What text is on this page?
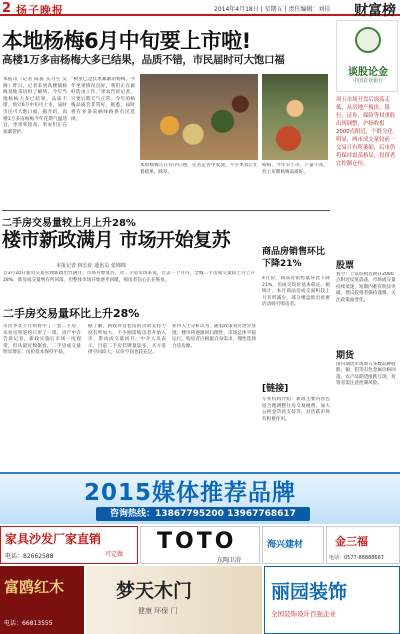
2 扬子晚报	2014年4月18日 | 星期五 | 责任编辑：刘佳 财富榜
本地杨梅6月中旬要上市啦!
高楼1万多亩杨梅大多已结果，品质不错，市民届时可大饱口福
本报讯（记者 陈嘉 实习生 吴晓）昨日，记者来到高楼镇杨梅基地采访时了解到，今年当地杨梅大多已结果，品质不错，预计6月中旬可上市，届时市民可大饱口福。据介绍，高楼1万多亩杨梅今年花期气温适宜，坐果率较高，果农们正在加紧管护。
“树里已是挂果累累的杨梅，今年坐果情况良好，我们正在做好防虫工作。”果农告诉记者，只要后期天气正常，今年的杨梅品质会非常好。据悉，届时将有多条采摘线路供市民选择。
本组杨梅正在有序打理，记者走访中发现，不少果农正忙着疏果、除草。
杨梅，今年早上市，产量不高，但上市期杨梅品质好。
二手房交易量较上月上升28%
楼市新政满月 市场开始复苏
本报记者 林长征 通讯员 张锦锦
自3月20日新房交易管理新政出台满月，市场开始复苏，对二手房市场来说，过去一个月内，全城二手房成交量较上月上升28%，新房成交量则有所回落，但整体市场开始逐步回暖，购房者信心正在恢复。
二手房交易量环比上升28%
市民李女士月初看中了一套二手房，从看房到签约只用了一周。房产中介告诉记者，新政实施后市场一度观望，但从最近数据看，二手房成交量明显增长，房价基本保持平稳。
据了解，新政对首套房的贷款支持力度有所加大，不少刚需购房者开始入市，带动成交量回升。中介人员表示，目前二手房挂牌量较多，买方选择空间较大，议价空间也较充足。
业内人士分析认为，随着政策效应逐步显现，楼市将逐渐回归理性，市场总体平稳运行。购房者应根据自身需求，理性选择合适房源。
商品房销售环比下降21%
4月份，商品房销售量环比下降21%，但成交均价基本稳定。据统计，本月商品房成交面积较上月有所减少，部分楼盘推出优惠活动吸引购房者。
[链接]
专业机构介绍：新政主要内容包括合理调整住房交易税费、加大公积金贷款支持等，对活跃市场有积极作用。
谈股论金
中国农业银行
周五市场开盘后震荡走低，从房地产板块、银行、证券、保险等权重股出现调整，沪指收报2000点附近，个股分化明显，两市成交量较前一交易日有所萎缩，后市仍将保持震荡格局，投资者宜控制仓位。
股票
看空：上证综指近期在2000点附近反复震荡，市场成交量持续低迷，短期内难有明显突破，建议投资者保持谨慎，关注政策面变化。
期货
国内期货市场周五多数品种收跌，铜、铝等有色金属价格回落，农产品期货涨跌互现，投资者需注意控制风险。
2015媒体推荐品牌
咨询热线：13867795200 13967768617
家具沙发厂家直销
可定做
电话：82662588
TOTO
东陶卫浴
海兴建材	金三福
电话：0577-88888667
富鸥红木
电话：66813555
梦天木门
健康 环保 门
丽园装饰
全国装饰设计百强企业
